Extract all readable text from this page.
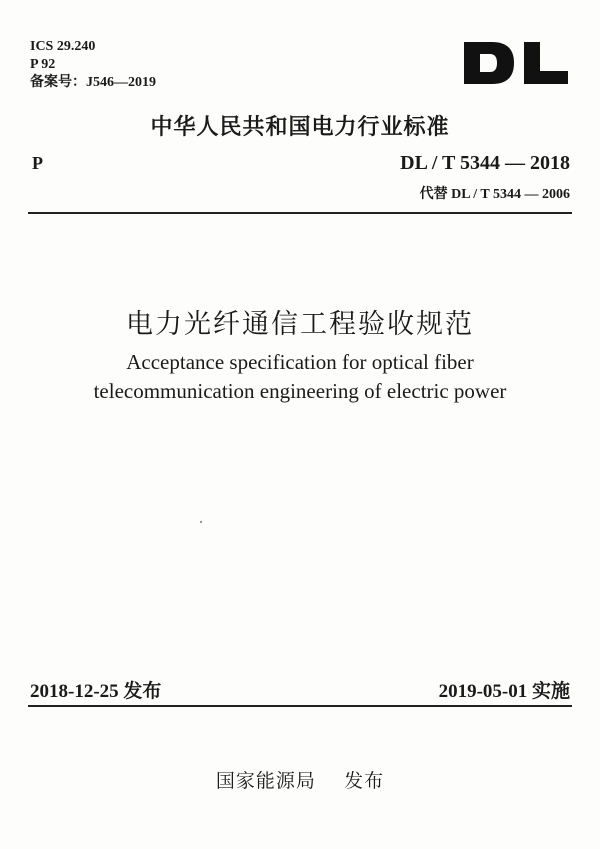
ICS 29.240
P 92
备案号：J546—2019
中华人民共和国电力行业标准
P	DL / T 5344 — 2018
代替 DL / T 5344 — 2006
电力光纤通信工程验收规范
Acceptance specification for optical fiber
telecommunication engineering of electric power
2018-12-25 发布	2019-05-01 实施
国家能源局    发布
